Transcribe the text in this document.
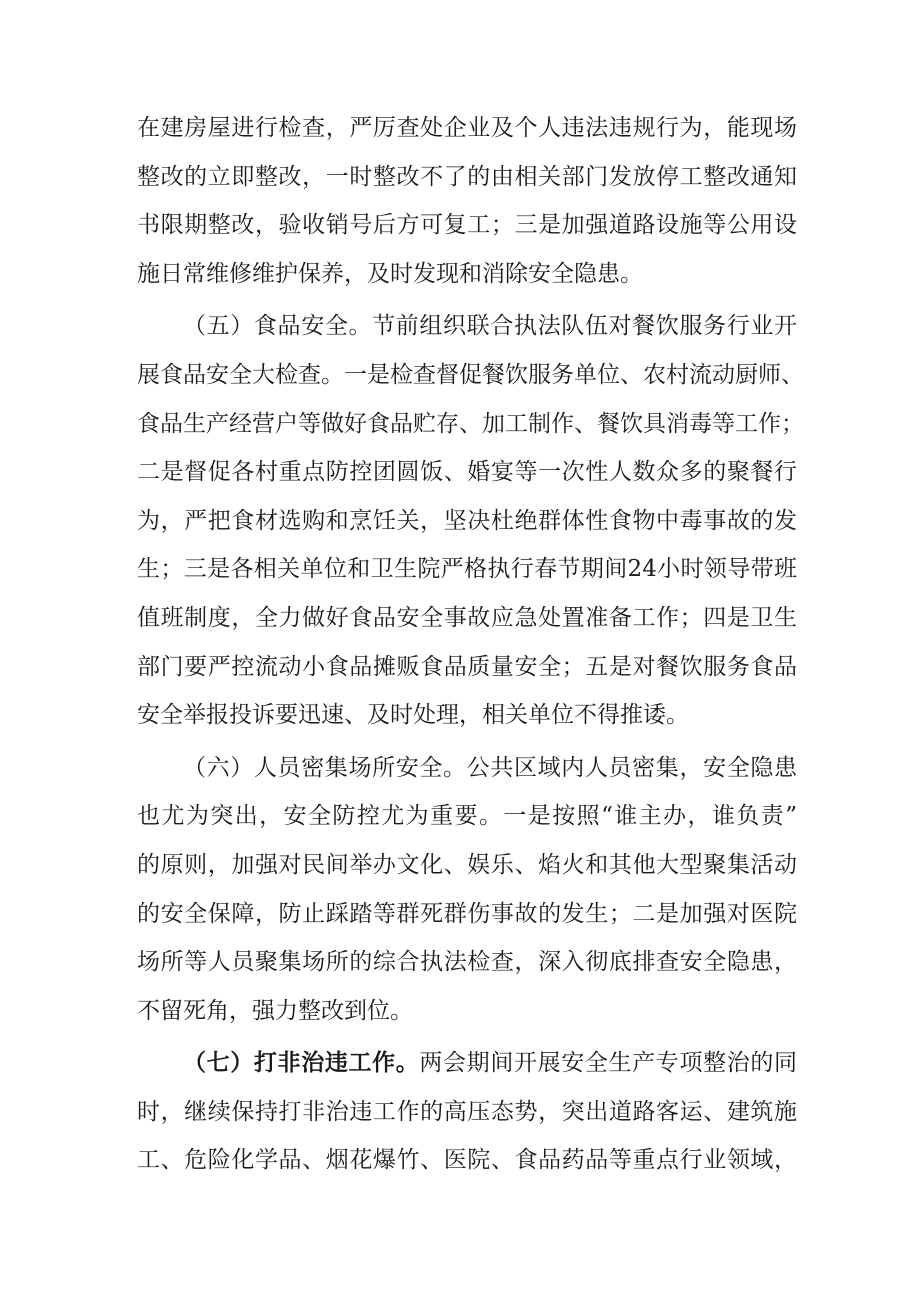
在建房屋进行检查，严厉查处企业及个人违法违规行为，能现场
整改的立即整改，一时整改不了的由相关部门发放停工整改通知
书限期整改，验收销号后方可复工；三是加强道路设施等公用设
施日常维修维护保养，及时发现和消除安全隐患。
（五）食品安全。节前组织联合执法队伍对餐饮服务行业开
展食品安全大检查。一是检查督促餐饮服务单位、农村流动厨师、
食品生产经营户等做好食品贮存、加工制作、餐饮具消毒等工作；
二是督促各村重点防控团圆饭、婚宴等一次性人数众多的聚餐行
为，严把食材选购和烹饪关，坚决杜绝群体性食物中毒事故的发
生；三是各相关单位和卫生院严格执行春节期间24小时领导带班
值班制度，全力做好食品安全事故应急处置准备工作；四是卫生
部门要严控流动小食品摊贩食品质量安全；五是对餐饮服务食品
安全举报投诉要迅速、及时处理，相关单位不得推诿。
（六）人员密集场所安全。公共区域内人员密集，安全隐患
也尤为突出，安全防控尤为重要。一是按照“谁主办，谁负责”
的原则，加强对民间举办文化、娱乐、焰火和其他大型聚集活动
的安全保障，防止踩踏等群死群伤事故的发生；二是加强对医院
场所等人员聚集场所的综合执法检查，深入彻底排查安全隐患，
不留死角，强力整改到位。
（七）打非治违工作。两会期间开展安全生产专项整治的同
时，继续保持打非治违工作的高压态势，突出道路客运、建筑施
工、危险化学品、烟花爆竹、医院、食品药品等重点行业领域，
